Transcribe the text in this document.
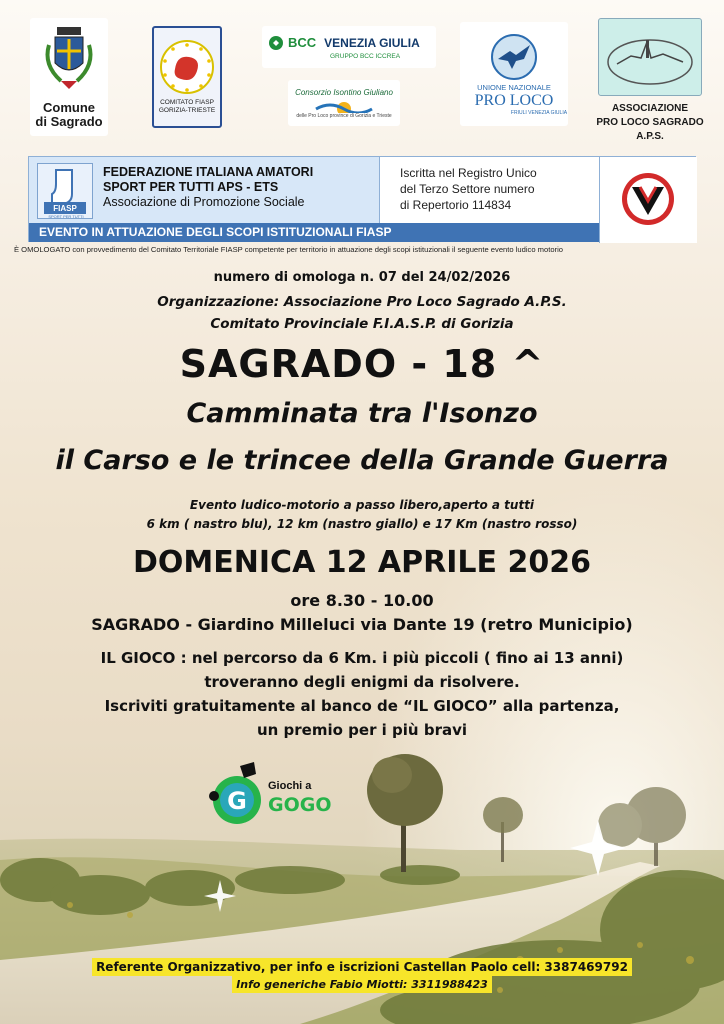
Comune
di Sagrado
COMITATO FIASP
GORIZIA-TRIESTE
BCC VENEZIA GIULIA
GRUPPO BCC ICCREA
Consorzio Isontino Giuliano
delle Pro Loco province di Gorizia e Trieste
UNIONE NAZIONALE
PRO LOCO
FRIULI VENEZIA GIULIA	ASSOCIAZIONE
PRO LOCO SAGRADO
A.P.S.
FIASP
SPORT PER TUTTI
FEDERAZIONE ITALIANA AMATORI
SPORT PER TUTTI APS - ETS
Associazione di Promozione Sociale
Iscritta nel Registro Unico
del Terzo Settore numero
di Repertorio 114834
EVENTO IN ATTUAZIONE DEGLI SCOPI ISTITUZIONALI FIASP
È OMOLOGATO con provvedimento del Comitato Territoriale FIASP competente per territorio in attuazione degli scopi istituzionali il seguente evento ludico motorio
numero di omologa n. 07 del 24/02/2026
Organizzazione: Associazione Pro Loco Sagrado A.P.S.
Comitato Provinciale F.I.A.S.P. di Gorizia
SAGRADO - 18 ^
Camminata tra l'Isonzo
il Carso e le trincee della Grande Guerra
Evento ludico-motorio a passo libero,aperto a tutti
6 km ( nastro blu), 12 km (nastro giallo) e 17 Km (nastro rosso)
DOMENICA 12 APRILE 2026
ore 8.30 - 10.00
SAGRADO - Giardino Milleluci via Dante 19 (retro Municipio)
IL GIOCO : nel percorso da 6 Km. i più piccoli ( fino ai 13 anni)
troveranno degli enigmi da risolvere.
Iscriviti gratuitamente al banco de “IL GIOCO” alla partenza,
un premio per i più bravi
G
Giochi a
GOGO
Referente Organizzativo, per info e iscrizioni Castellan Paolo cell: 3387469792
Info generiche Fabio Miotti: 3311988423
